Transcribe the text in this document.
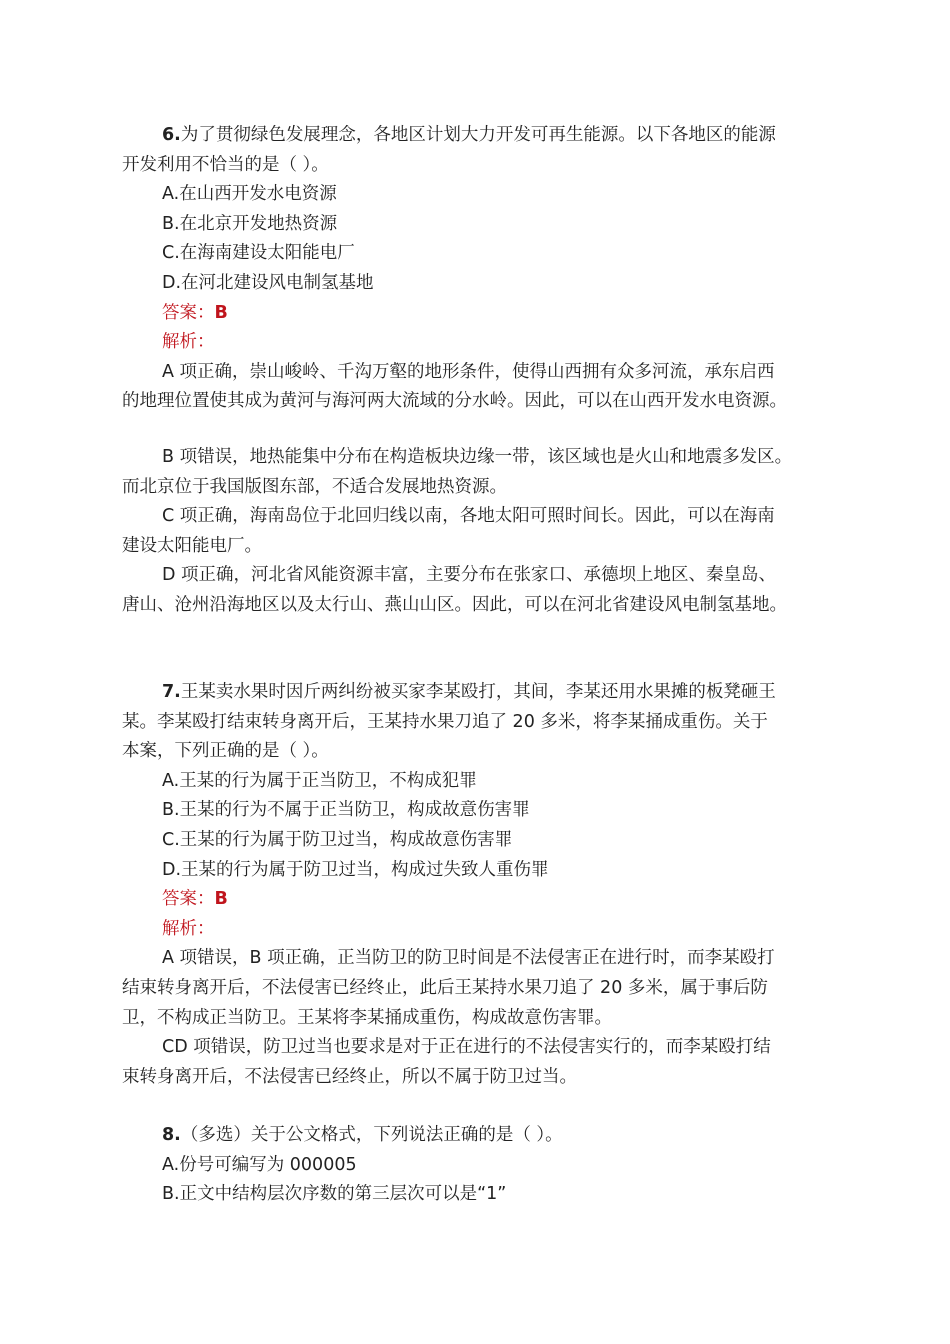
6.为了贯彻绿色发展理念，各地区计划大力开发可再生能源。以下各地区的能源
开发利用不恰当的是（ ）。
A.在山西开发水电资源
B.在北京开发地热资源
C.在海南建设太阳能电厂
D.在河北建设风电制氢基地
答案：B
解析：
A 项正确，崇山峻岭、千沟万壑的地形条件，使得山西拥有众多河流，承东启西
的地理位置使其成为黄河与海河两大流域的分水岭。因此，可以在山西开发水电资源。
B 项错误，地热能集中分布在构造板块边缘一带，该区域也是火山和地震多发区。
而北京位于我国版图东部，不适合发展地热资源。
C 项正确，海南岛位于北回归线以南，各地太阳可照时间长。因此，可以在海南
建设太阳能电厂。
D 项正确，河北省风能资源丰富，主要分布在张家口、承德坝上地区、秦皇岛、
唐山、沧州沿海地区以及太行山、燕山山区。因此，可以在河北省建设风电制氢基地。
7.王某卖水果时因斤两纠纷被买家李某殴打，其间，李某还用水果摊的板凳砸王
某。李某殴打结束转身离开后，王某持水果刀追了 20 多米，将李某捅成重伤。关于
本案，下列正确的是（ ）。
A.王某的行为属于正当防卫，不构成犯罪
B.王某的行为不属于正当防卫，构成故意伤害罪
C.王某的行为属于防卫过当，构成故意伤害罪
D.王某的行为属于防卫过当，构成过失致人重伤罪
答案：B
解析：
A 项错误，B 项正确，正当防卫的防卫时间是不法侵害正在进行时，而李某殴打
结束转身离开后，不法侵害已经终止，此后王某持水果刀追了 20 多米，属于事后防
卫，不构成正当防卫。王某将李某捅成重伤，构成故意伤害罪。
CD 项错误，防卫过当也要求是对于正在进行的不法侵害实行的，而李某殴打结
束转身离开后，不法侵害已经终止，所以不属于防卫过当。
8.（多选）关于公文格式，下列说法正确的是（ ）。
A.份号可编写为 000005
B.正文中结构层次序数的第三层次可以是“1”
